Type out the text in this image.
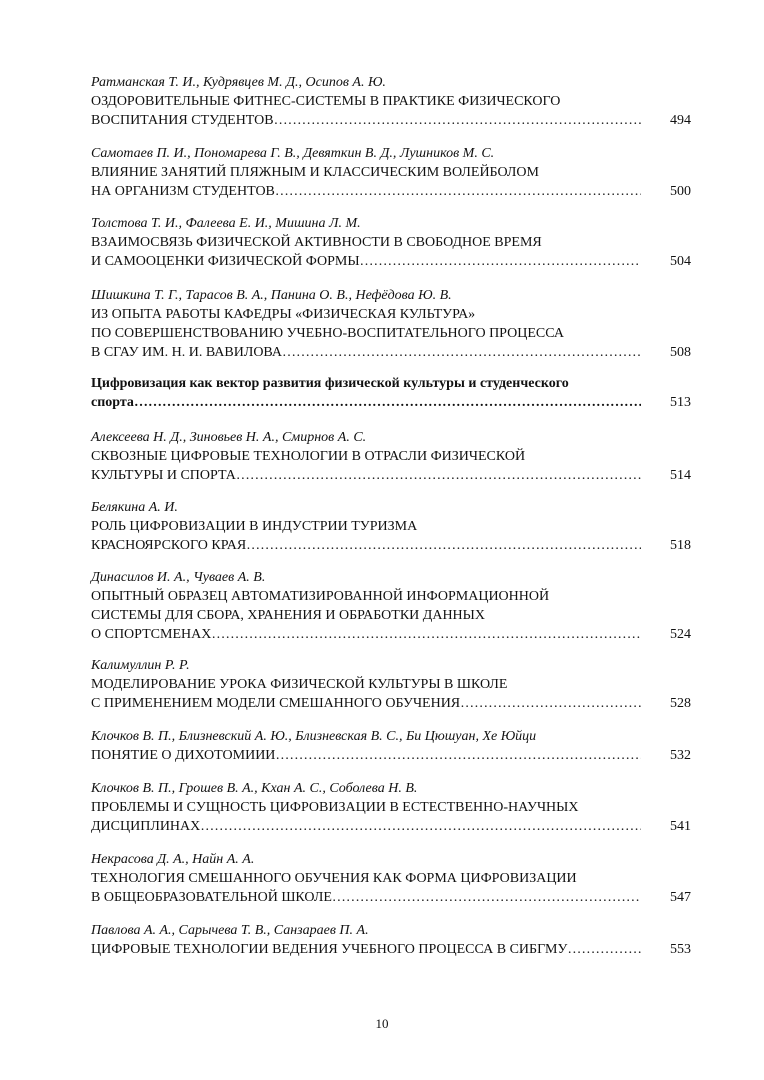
Ратманская Т. И., Кудрявцев М. Д., Осипов А. Ю.
ОЗДОРОВИТЕЛЬНЫЕ ФИТНЕС-СИСТЕМЫ В ПРАКТИКЕ ФИЗИЧЕСКОГО
ВОСПИТАНИЯ СТУДЕНТОВ ……………………………………………………………………………………………………………………………………………………………………	494
Самотаев П. И., Пономарева Г. В., Девяткин В. Д., Лушников М. С.
ВЛИЯНИЕ ЗАНЯТИЙ ПЛЯЖНЫМ И КЛАССИЧЕСКИМ ВОЛЕЙБОЛОМ
НА ОРГАНИЗМ СТУДЕНТОВ ……………………………………………………………………………………………………………………………………………………………………	500
Толстова Т. И., Фалеева Е. И., Мишина Л. М.
ВЗАИМОСВЯЗЬ ФИЗИЧЕСКОЙ АКТИВНОСТИ В СВОБОДНОЕ ВРЕМЯ
И САМООЦЕНКИ ФИЗИЧЕСКОЙ ФОРМЫ ……………………………………………………………………………………………………………………………………………………………………	504
Шишкина Т. Г., Тарасов В. А., Панина О. В., Нефёдова Ю. В.
ИЗ ОПЫТА РАБОТЫ КАФЕДРЫ «ФИЗИЧЕСКАЯ КУЛЬТУРА»
ПО СОВЕРШЕНСТВОВАНИЮ УЧЕБНО-ВОСПИТАТЕЛЬНОГО ПРОЦЕССА
В СГАУ ИМ. Н. И. ВАВИЛОВА ……………………………………………………………………………………………………………………………………………………………………	508
Цифровизация как вектор развития физической культуры и студенческого
спорта ……………………………………………………………………………………………………………………………………………………………………	513
Алексеева Н. Д., Зиновьев Н. А., Смирнов А. С.
СКВОЗНЫЕ ЦИФРОВЫЕ ТЕХНОЛОГИИ В ОТРАСЛИ ФИЗИЧЕСКОЙ
КУЛЬТУРЫ И СПОРТА ……………………………………………………………………………………………………………………………………………………………………	514
Белякина А. И.
РОЛЬ ЦИФРОВИЗАЦИИ В ИНДУСТРИИ ТУРИЗМА
КРАСНОЯРСКОГО КРАЯ ……………………………………………………………………………………………………………………………………………………………………	518
Динасилов И. А., Чуваев А. В.
ОПЫТНЫЙ ОБРАЗЕЦ АВТОМАТИЗИРОВАННОЙ ИНФОРМАЦИОННОЙ
СИСТЕМЫ ДЛЯ СБОРА, ХРАНЕНИЯ И ОБРАБОТКИ ДАННЫХ
О СПОРТСМЕНАХ ……………………………………………………………………………………………………………………………………………………………………	524
Калимуллин Р. Р.
МОДЕЛИРОВАНИЕ УРОКА ФИЗИЧЕСКОЙ КУЛЬТУРЫ В ШКОЛЕ
С ПРИМЕНЕНИЕМ МОДЕЛИ СМЕШАННОГО ОБУЧЕНИЯ ……………………………………………………………………………………………………………………………………………………………………	528
Клочков В. П., Близневский А. Ю., Близневская В. С., Би Цюшуан, Хе Юйци
ПОНЯТИЕ О ДИХОТОМИИИ ……………………………………………………………………………………………………………………………………………………………………	532
Клочков В. П., Грошев В. А., Кхан А. С., Соболева Н. В.
ПРОБЛЕМЫ И СУЩНОСТЬ ЦИФРОВИЗАЦИИ В ЕСТЕСТВЕННО-НАУЧНЫХ
ДИСЦИПЛИНАХ ……………………………………………………………………………………………………………………………………………………………………	541
Некрасова Д. А., Найн А. А.
ТЕХНОЛОГИЯ СМЕШАННОГО ОБУЧЕНИЯ КАК ФОРМА ЦИФРОВИЗАЦИИ
В ОБЩЕОБРАЗОВАТЕЛЬНОЙ ШКОЛЕ ……………………………………………………………………………………………………………………………………………………………………	547
Павлова А. А., Сарычева Т. В., Санзараев П. А.
ЦИФРОВЫЕ ТЕХНОЛОГИИ ВЕДЕНИЯ УЧЕБНОГО ПРОЦЕССА В СИБГМУ ……………………………………………………………………………………………………………………………………………………………………	553
10
